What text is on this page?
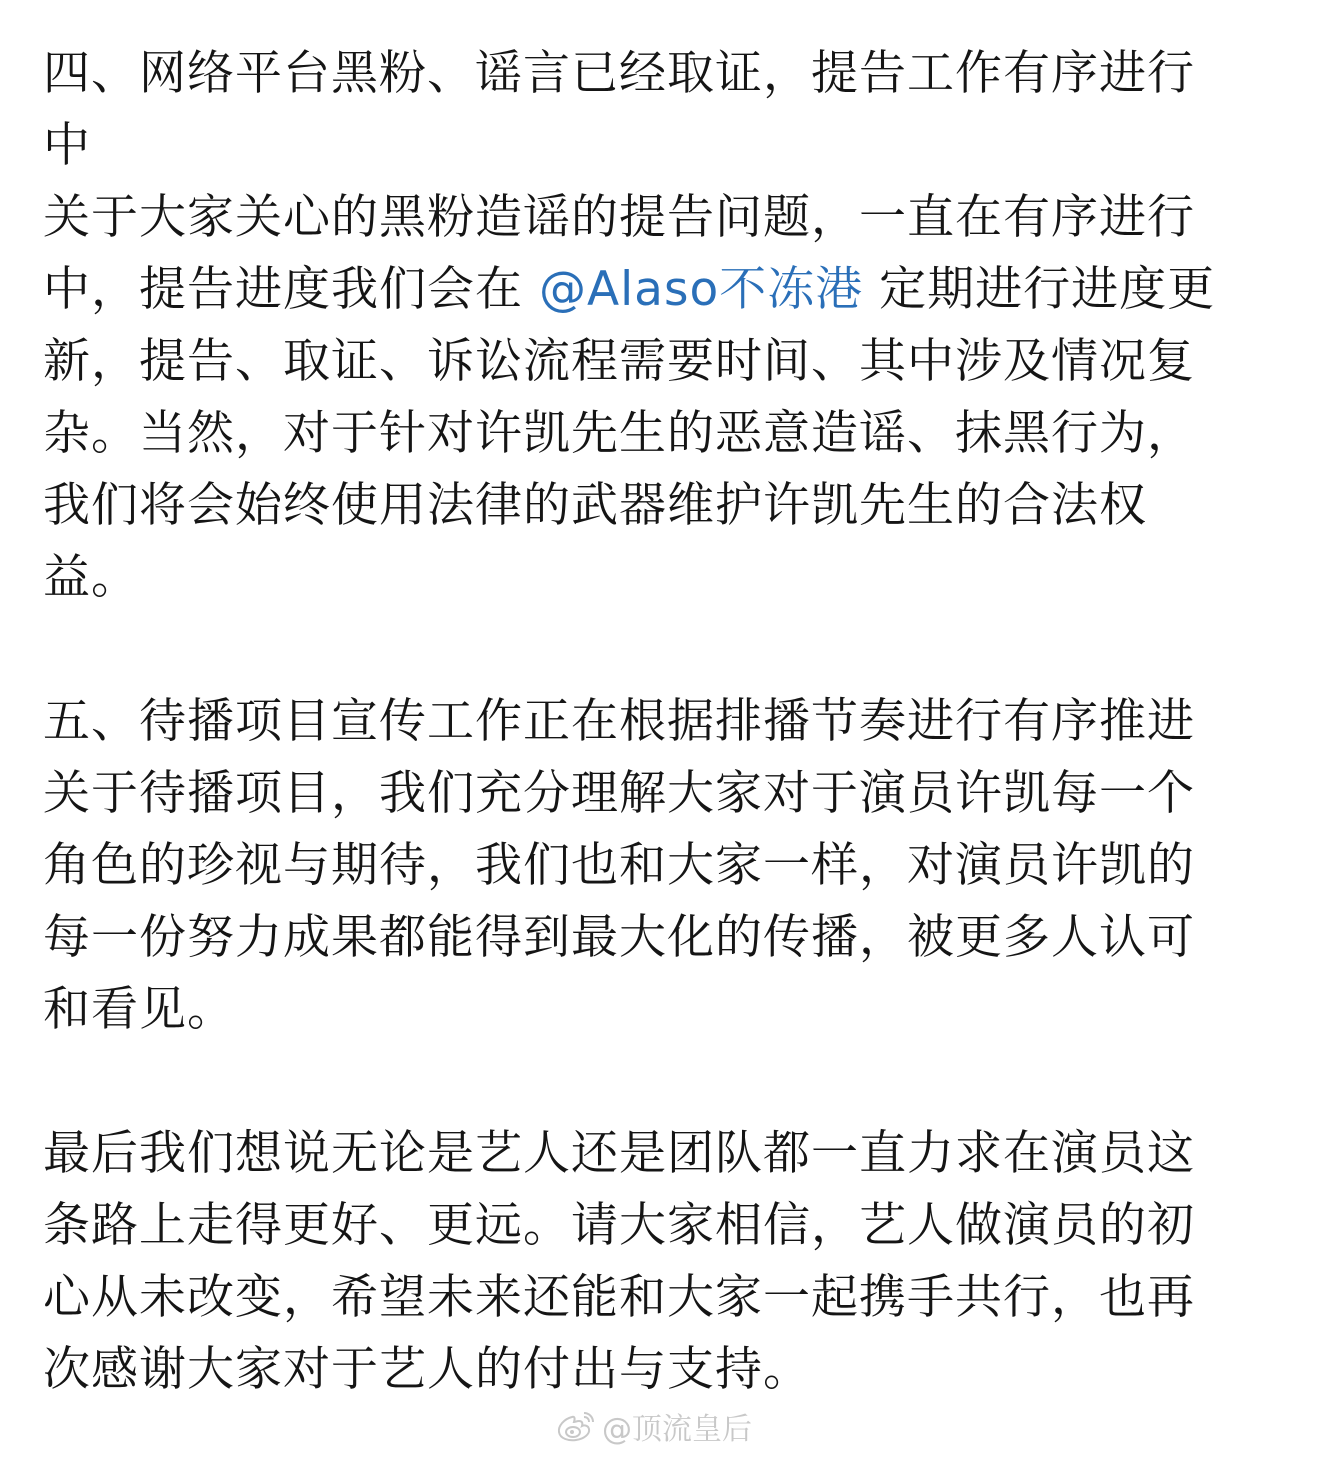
四、网络平台黑粉、谣言已经取证，提告工作有序进行
中
关于大家关心的黑粉造谣的提告问题，一直在有序进行
中，提告进度我们会在 @Alaso不冻港 定期进行进度更
新，提告、取证、诉讼流程需要时间、其中涉及情况复
杂。当然，对于针对许凯先生的恶意造谣、抹黑行为，
我们将会始终使用法律的武器维护许凯先生的合法权
益。
五、待播项目宣传工作正在根据排播节奏进行有序推进
关于待播项目，我们充分理解大家对于演员许凯每一个
角色的珍视与期待，我们也和大家一样，对演员许凯的
每一份努力成果都能得到最大化的传播，被更多人认可
和看见。
最后我们想说无论是艺人还是团队都一直力求在演员这
条路上走得更好、更远。请大家相信，艺人做演员的初
心从未改变，希望未来还能和大家一起携手共行，也再
次感谢大家对于艺人的付出与支持。
@顶流皇后
